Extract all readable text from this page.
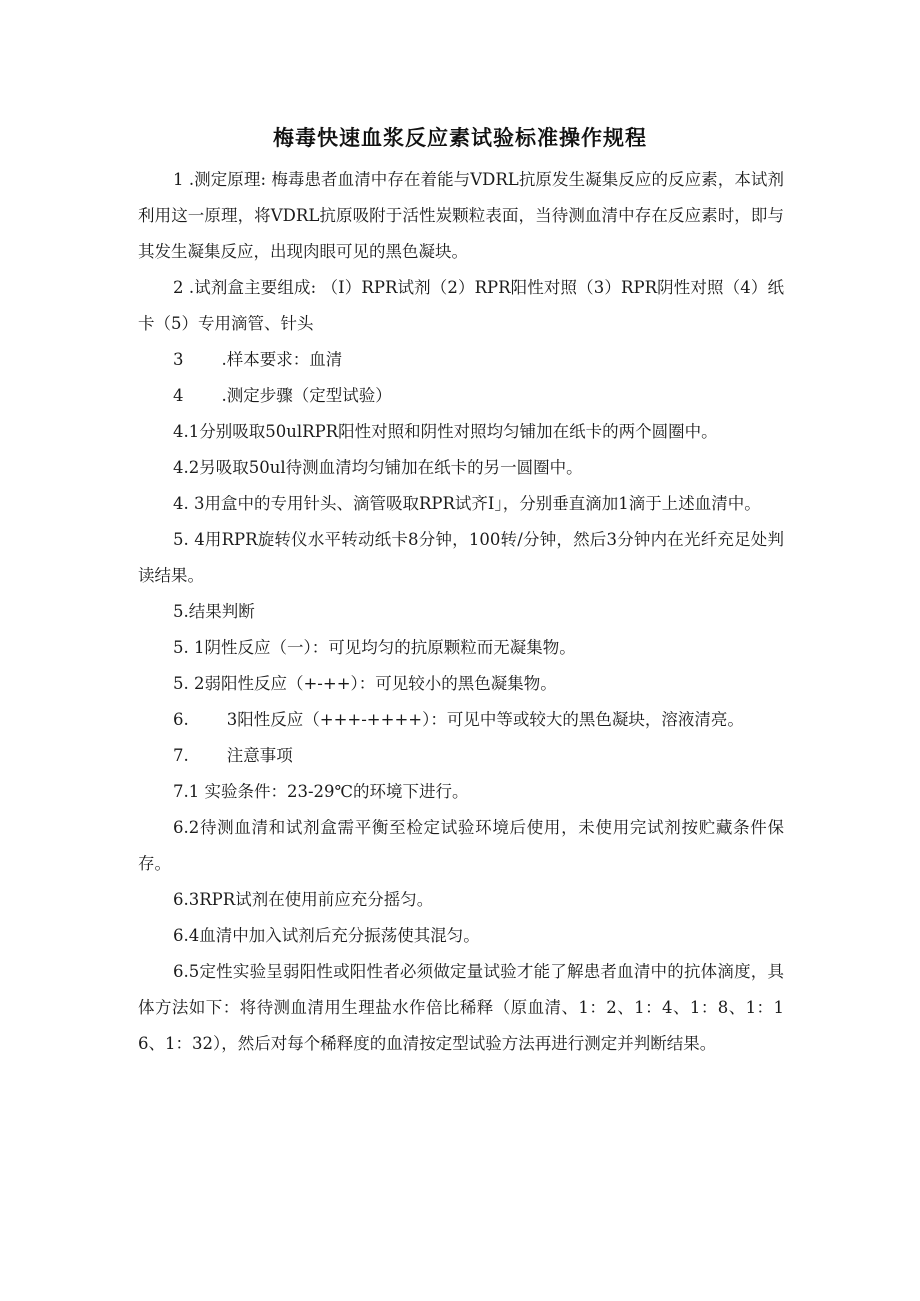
梅毒快速血浆反应素试验标准操作规程

1 .测定原理: 梅毒患者血清中存在着能与VDRL抗原发生凝集反应的反应素，本试剂利用这一原理，将VDRL抗原吸附于活性炭颗粒表面，当待测血清中存在反应素时，即与其发生凝集反应，出现肉眼可见的黑色凝块。

2 .试剂盒主要组成: （I）RPR试剂（2）RPR阳性对照（3）RPR阴性对照（4）纸卡（5）专用滴管、针头

3 .样本要求：血清

4 .测定步骤（定型试验）

4.1分别吸取50ulRPR阳性对照和阴性对照均匀铺加在纸卡的两个圆圈中。

4.2另吸取50ul待测血清均匀铺加在纸卡的另一圆圈中。

4. 3用盒中的专用针头、滴管吸取RPR试齐I」，分别垂直滴加1滴于上述血清中。

5. 4用RPR旋转仪水平转动纸卡8分钟，100转/分钟，然后3分钟内在光纤充足处判读结果。

5.结果判断

5. 1阴性反应（一）：可见均匀的抗原颗粒而无凝集物。

5. 2弱阳性反应（+-++）：可见较小的黑色凝集物。

6. 3阳性反应（+++-++++）：可见中等或较大的黑色凝块，溶液清亮。

7. 注意事项

7.1 实验条件：23-29℃的环境下进行。

6.2待测血清和试剂盒需平衡至检定试验环境后使用，未使用完试剂按贮藏条件保存。

6.3RPR试剂在使用前应充分摇匀。

6.4血清中加入试剂后充分振荡使其混匀。

6.5定性实验呈弱阳性或阳性者必须做定量试验才能了解患者血清中的抗体滴度，具体方法如下：将待测血清用生理盐水作倍比稀释（原血清、1：2、1：4、1：8、1：16、1：32），然后对每个稀释度的血清按定型试验方法再进行测定并判断结果。
